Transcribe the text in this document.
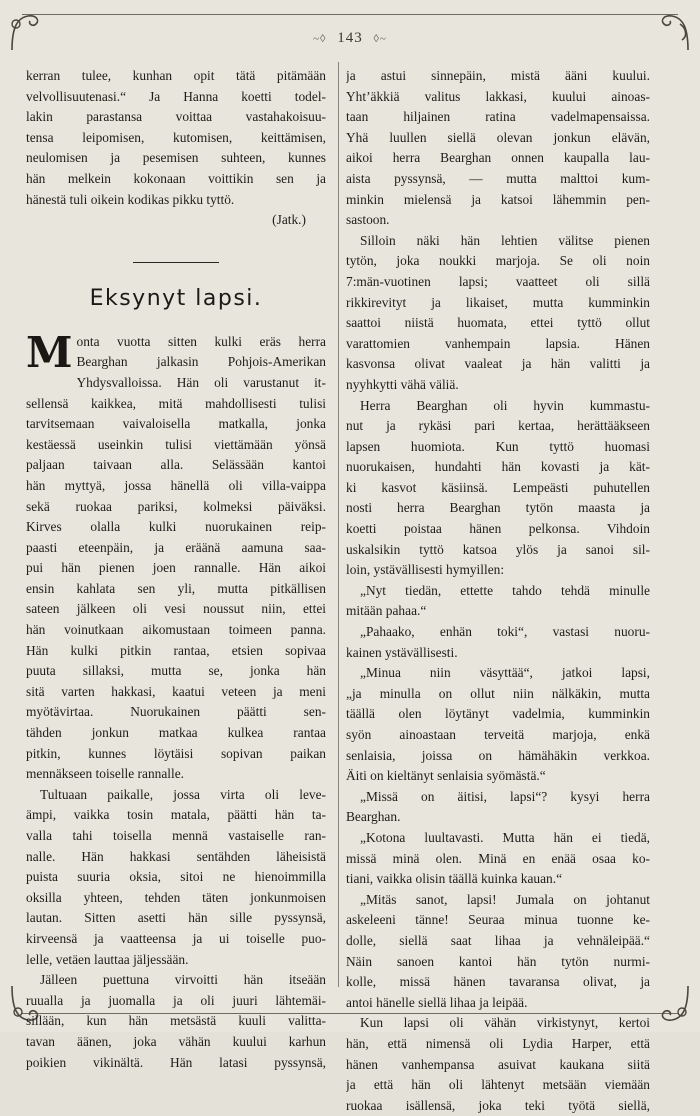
~◊ 143 ◊~

kerran tulee, kunhan opit tätä pitämään
velvollisuutenasi.“ Ja Hanna koetti todel-
lakin parastansa voittaa vastahakoisuu-
tensa leipomisen, kutomisen, keittämisen,
neulomisen ja pesemisen suhteen, kunnes
hän melkein kokonaan voittikin sen ja
hänestä tuli oikein kodikas pikku tyttö.

(Jatk.)
Eksynyt lapsi.

M onta vuotta sitten kulki eräs herra
Bearghan jalkasin Pohjois-Amerikan
Yhdysvalloissa. Hän oli varustanut it-
sellensä kaikkea, mitä mahdollisesti tulisi
tarvitsemaan vaivaloisella matkalla, jonka
kestäessä useinkin tulisi viettämään yönsä
paljaan taivaan alla. Selässään kantoi
hän myttyä, jossa hänellä oli villa-vaippa
sekä ruokaa pariksi, kolmeksi päiväksi.
Kirves olalla kulki nuorukainen reip-
paasti eteenpäin, ja eräänä aamuna saa-
pui hän pienen joen rannalle. Hän aikoi
ensin kahlata sen yli, mutta pitkällisen
sateen jälkeen oli vesi noussut niin, ettei
hän voinutkaan aikomustaan toimeen panna.
Hän kulki pitkin rantaa, etsien sopivaa
puuta sillaksi, mutta se, jonka hän
sitä varten hakkasi, kaatui veteen ja meni
myötävirtaa. Nuorukainen päätti sen-
tähden jonkun matkaa kulkea rantaa
pitkin, kunnes löytäisi sopivan paikan
mennäkseen toiselle rannalle.

Tultuaan paikalle, jossa virta oli leve-
ämpi, vaikka tosin matala, päätti hän ta-
valla tahi toisella mennä vastaiselle ran-
nalle. Hän hakkasi sentähden läheisistä
puista suuria oksia, sitoi ne hienoimmilla
oksilla yhteen, tehden täten jonkunmoisen
lautan. Sitten asetti hän sille pyssynsä,
kirveensä ja vaatteensa ja ui toiselle puo-
lelle, vetäen lauttaa jäljessään.

Jälleen puettuna virvoitti hän itseään
ruualla ja juomalla ja oli juuri lähtemäi-
sillään, kun hän metsästä kuuli valitta-
tavan äänen, joka vähän kuului karhun
poikien vikinältä. Hän latasi pyssynsä,

ja astui sinnepäin, mistä ääni kuului.
Yht’äkkiä valitus lakkasi, kuului ainoas-
taan hiljainen ratina vadelmapensaissa.
Yhä luullen siellä olevan jonkun elävän,
aikoi herra Bearghan onnen kaupalla lau-
aista pyssynsä, — mutta malttoi kum-
minkin mielensä ja katsoi lähemmin pen-
sastoon.

Silloin näki hän lehtien välitse pienen
tytön, joka noukki marjoja. Se oli noin
7:män-vuotinen lapsi; vaatteet oli sillä
rikkirevityt ja likaiset, mutta kumminkin
saattoi niistä huomata, ettei tyttö ollut
varattomien vanhempain lapsia. Hänen
kasvonsa olivat vaaleat ja hän valitti ja
nyyhkytti vähä väliä.

Herra Bearghan oli hyvin kummastu-
nut ja rykäsi pari kertaa, herättääkseen
lapsen huomiota. Kun tyttö huomasi
nuorukaisen, hundahti hän kovasti ja kät-
ki kasvot käsiinsä. Lempeästi puhutellen
nosti herra Bearghan tytön maasta ja
koetti poistaa hänen pelkonsa. Vihdoin
uskalsikin tyttö katsoa ylös ja sanoi sil-
loin, ystävällisesti hymyillen:

„Nyt tiedän, ettette tahdo tehdä minulle
mitään pahaa.“

„Pahaako, enhän toki“, vastasi nuoru-
kainen ystävällisesti.

„Minua niin väsyttää“, jatkoi lapsi,
„ja minulla on ollut niin nälkäkin, mutta
täällä olen löytänyt vadelmia, kumminkin
syön ainoastaan terveitä marjoja, enkä
senlaisia, joissa on hämähäkin verkkoa.
Äiti on kieltänyt senlaisia syömästä.“

„Missä on äitisi, lapsi“? kysyi herra
Bearghan.

„Kotona luultavasti. Mutta hän ei tiedä,
missä minä olen. Minä en enää osaa ko-
tiani, vaikka olisin täällä kuinka kauan.“

„Mitäs sanot, lapsi! Jumala on johtanut
askeleeni tänne! Seuraa minua tuonne ke-
dolle, siellä saat lihaa ja vehnäleipää.“
Näin sanoen kantoi hän tytön nurmi-
kolle, missä hänen tavaransa olivat, ja
antoi hänelle siellä lihaa ja leipää.

Kun lapsi oli vähän virkistynyt, kertoi
hän, että nimensä oli Lydia Harper, että
hänen vanhempansa asuivat kaukana siitä
ja että hän oli lähtenyt metsään viemään
ruokaa isällensä, joka teki työtä siellä,
